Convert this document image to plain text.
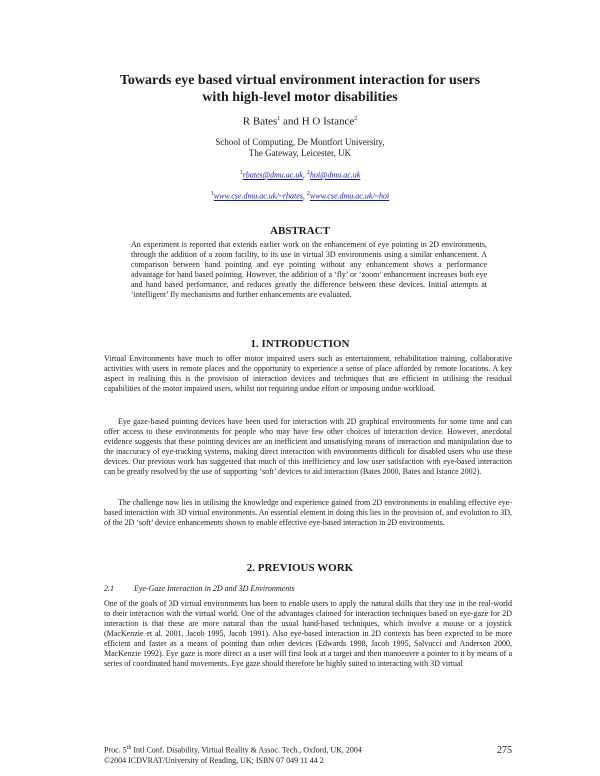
Towards eye based virtual environment interaction for users
with high-level motor disabilities
R Bates$^1$ and H O Istance$^2$
School of Computing, De Montfort University,
The Gateway, Leicester, UK
$^1$rbates@dmu.ac.uk, $^2$hoi@dmu.ac.uk
$^1$www.cse.dmu.ac.uk/~rbates, $^2$www.cse.dmu.ac.uk/~hoi
ABSTRACT
An experiment is reported that extends earlier work on the enhancement of eye pointing in 2D environments, through the addition of a zoom facility, to its use in virtual 3D environments using a similar enhancement. A comparison between hand pointing and eye pointing without any enhancement shows a performance advantage for hand based pointing. However, the addition of a ‘fly’ or ‘zoom’ enhancement increases both eye and hand based performance, and reduces greatly the difference between these devices. Initial attempts at ‘intelligent’ fly mechanisms and further enhancements are evaluated.
1. INTRODUCTION
Virtual Environments have much to offer motor impaired users such as entertainment, rehabilitation training, collaborative activities with users in remote places and the opportunity to experience a sense of place afforded by remote locations. A key aspect in realising this is the provision of interaction devices and techniques that are efficient in utilising the residual capabilities of the motor impaired users, whilst not requiring undue effort or imposing undue workload.
Eye gaze-based pointing devices have been used for interaction with 2D graphical environments for some time and can offer access to these environments for people who may have few other choices of interaction device. However, anecdotal evidence suggests that these pointing devices are an inefficient and unsatisfying means of interaction and manipulation due to the inaccuracy of eye-tracking systems, making direct interaction with environments difficult for disabled users who use these devices. Our previous work has suggested that much of this inefficiency and low user satisfaction with eye-based interaction can be greatly resolved by the use of supporting ‘soft’ devices to aid interaction (Bates 2000, Bates and Istance 2002).
The challenge now lies in utilising the knowledge and experience gained from 2D environments in enabling effective eye-based interaction with 3D virtual environments. An essential element in doing this lies in the provision of, and evolution to 3D, of the 2D ‘soft’ device enhancements shown to enable effective eye-based interaction in 2D environments.
2. PREVIOUS WORK
2.1	Eye-Gaze Interaction in 2D and 3D Environments
One of the goals of 3D virtual environments has been to enable users to apply the natural skills that they use in the real-world to their interaction with the virtual world. One of the advantages claimed for interaction techniques based on eye-gaze for 2D interaction is that these are more natural than the usual hand-based techniques, which involve a mouse or a joystick (MacKenzie et al. 2001, Jacob 1995, Jacob 1991). Also eye-based interaction in 2D contexts has been expected to be more efficient and faster as a means of pointing than other devices (Edwards 1998, Jacob 1995, Salvucci and Anderson 2000, MacKenzie 1992). Eye gaze is more direct as a user will first look at a target and then manoeuvre a pointer to it by means of a series of coordinated hand movements. Eye gaze should therefore be highly suited to interacting with 3D virtual
Proc. 5th Intl Conf. Disability, Virtual Reality & Assoc. Tech., Oxford, UK, 2004
©2004 ICDVRAT/University of Reading, UK; ISBN 07 049 11 44 2
275
